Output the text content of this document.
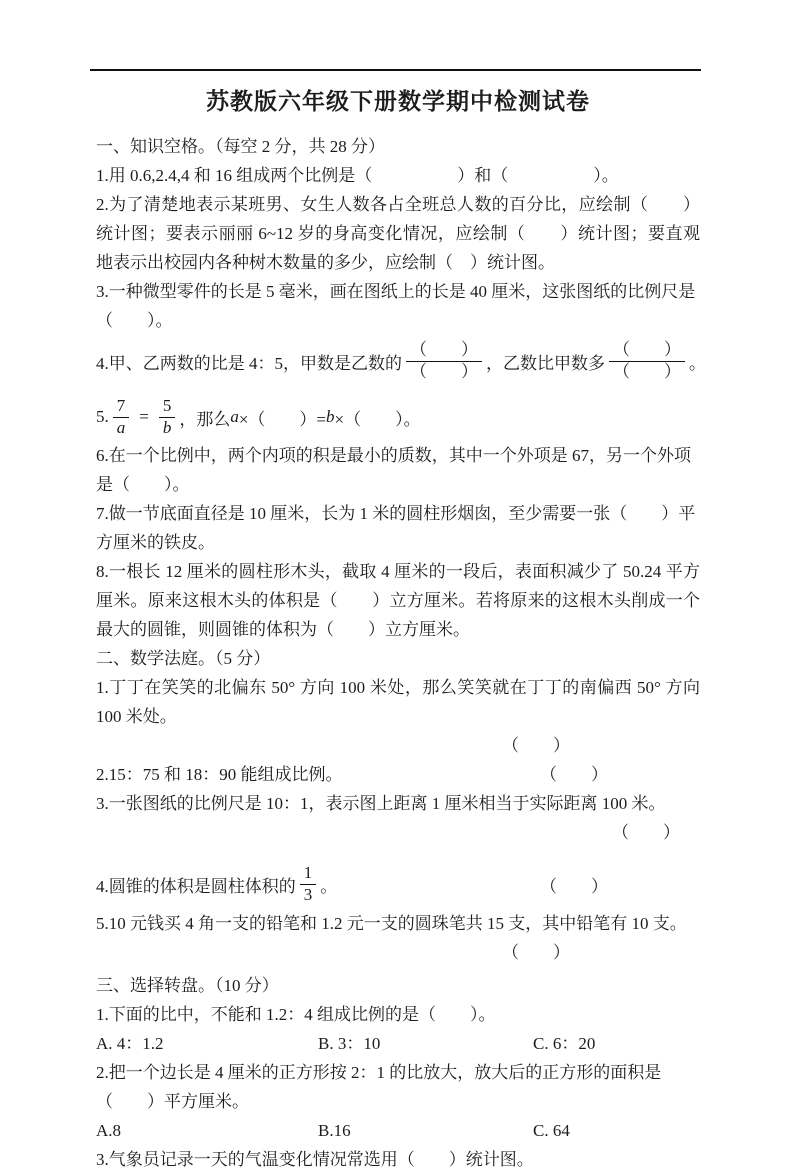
苏教版六年级下册数学期中检测试卷
一、知识空格。（每空 2 分，共 28 分）
1.用 0.6,2.4,4 和 16 组成两个比例是（　　　　　）和（　　　　　）。
2.为了清楚地表示某班男、女生人数各占全班总人数的百分比，应绘制（　　）统计图；要表示丽丽 6~12 岁的身高变化情况，应绘制（　　）统计图；要直观地表示出校园内各种树木数量的多少，应绘制（　）统计图。
3.一种微型零件的长是 5 毫米，画在图纸上的长是 40 厘米，这张图纸的比例尺是（　　）。
4.甲、乙两数的比是 4：5，甲数是乙数的 $\frac{( )}{( )}$ ，乙数比甲数多 $\frac{( )}{( )}$ 。
5. $\frac{7}{a} = \frac{5}{b}$ ，那么 a ×（　　）= b ×（　　）。
6.在一个比例中，两个内项的积是最小的质数，其中一个外项是 67，另一个外项是（　　）。
7.做一节底面直径是 10 厘米，长为 1 米的圆柱形烟囱，至少需要一张（　　）平方厘米的铁皮。
8.一根长 12 厘米的圆柱形木头，截取 4 厘米的一段后，表面积减少了 50.24 平方厘米。原来这根木头的体积是（　　）立方厘米。若将原来的这根木头削成一个最大的圆锥，则圆锥的体积为（　　）立方厘米。
二、数学法庭。（5 分）
1.丁丁在笑笑的北偏东 50° 方向 100 米处，那么笑笑就在丁丁的南偏西 50° 方向 100 米处。
（　　）
2.15：75 和 18：90 能组成比例。	（　　）
3.一张图纸的比例尺是 10：1，表示图上距离 1 厘米相当于实际距离 100 米。
（　　）
4.圆锥的体积是圆柱体积的 $\frac{1}{3}$ 。	（　　）
5.10 元钱买 4 角一支的铅笔和 1.2 元一支的圆珠笔共 15 支，其中铅笔有 10 支。
（　　）
三、选择转盘。（10 分）
1.下面的比中，不能和 1.2：4 组成比例的是（　　）。
A. 4：1.2	B. 3：10	C. 6：20
2.把一个边长是 4 厘米的正方形按 2：1 的比放大，放大后的正方形的面积是（　　）平方厘米。
A.8	B.16	C. 64
3.气象员记录一天的气温变化情况常选用（　　）统计图。
